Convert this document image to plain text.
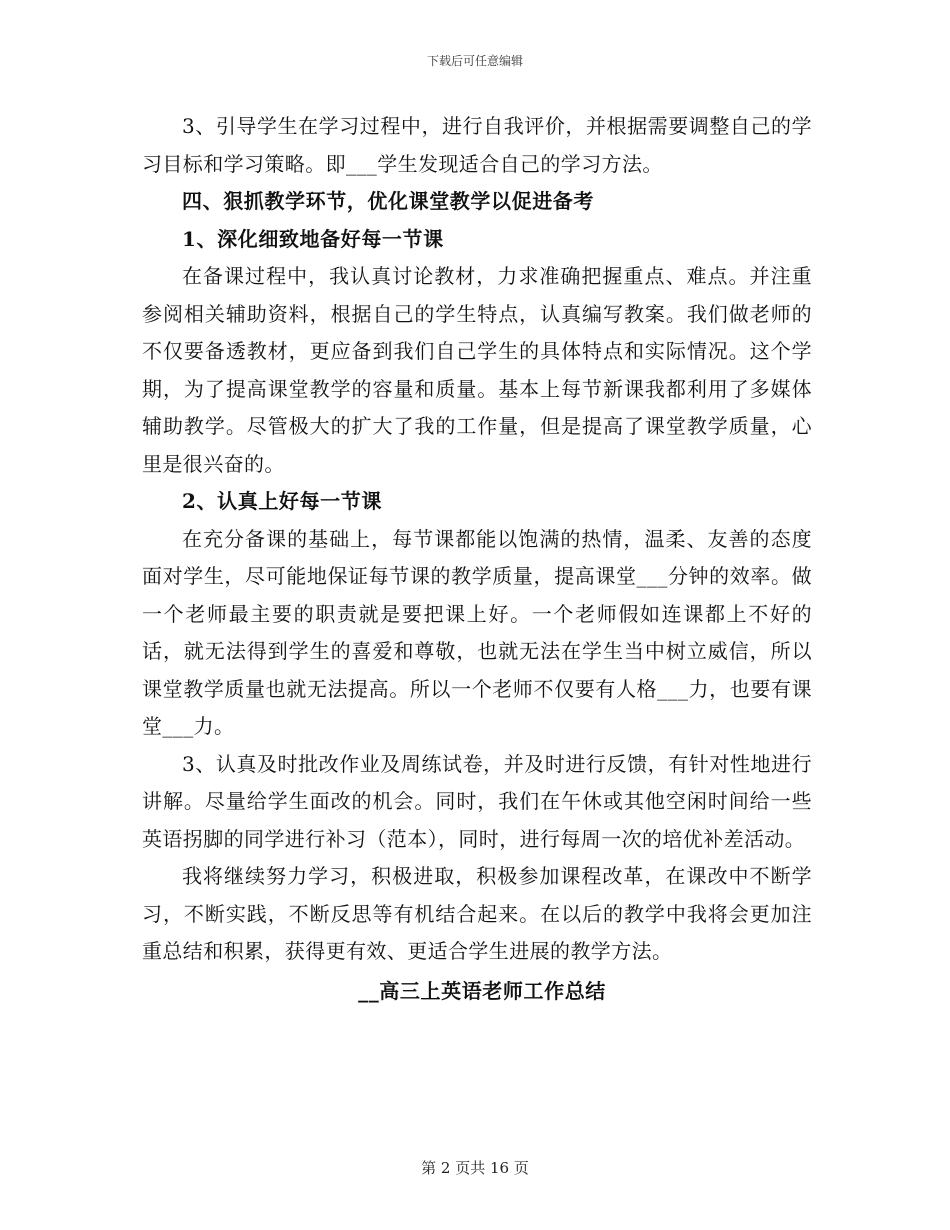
下载后可任意编辑

3、引导学生在学习过程中，进行自我评价，并根据需要调整自己的学习目标和学习策略。即___学生发现适合自己的学习方法。

四、狠抓教学环节，优化课堂教学以促进备考

1、深化细致地备好每一节课

在备课过程中，我认真讨论教材，力求准确把握重点、难点。并注重参阅相关辅助资料，根据自己的学生特点，认真编写教案。我们做老师的不仅要备透教材，更应备到我们自己学生的具体特点和实际情况。这个学期，为了提高课堂教学的容量和质量。基本上每节新课我都利用了多媒体辅助教学。尽管极大的扩大了我的工作量，但是提高了课堂教学质量，心里是很兴奋的。

2、认真上好每一节课

在充分备课的基础上，每节课都能以饱满的热情，温柔、友善的态度面对学生，尽可能地保证每节课的教学质量，提高课堂___分钟的效率。做一个老师最主要的职责就是要把课上好。一个老师假如连课都上不好的话，就无法得到学生的喜爱和尊敬，也就无法在学生当中树立威信，所以课堂教学质量也就无法提高。所以一个老师不仅要有人格___力，也要有课堂___力。

3、认真及时批改作业及周练试卷，并及时进行反馈，有针对性地进行讲解。尽量给学生面改的机会。同时，我们在午休或其他空闲时间给一些英语拐脚的同学进行补习（范本），同时，进行每周一次的培优补差活动。

我将继续努力学习，积极进取，积极参加课程改革，在课改中不断学习，不断实践，不断反思等有机结合起来。在以后的教学中我将会更加注重总结和积累，获得更有效、更适合学生进展的教学方法。

__高三上英语老师工作总结

第 2 页共 16 页
